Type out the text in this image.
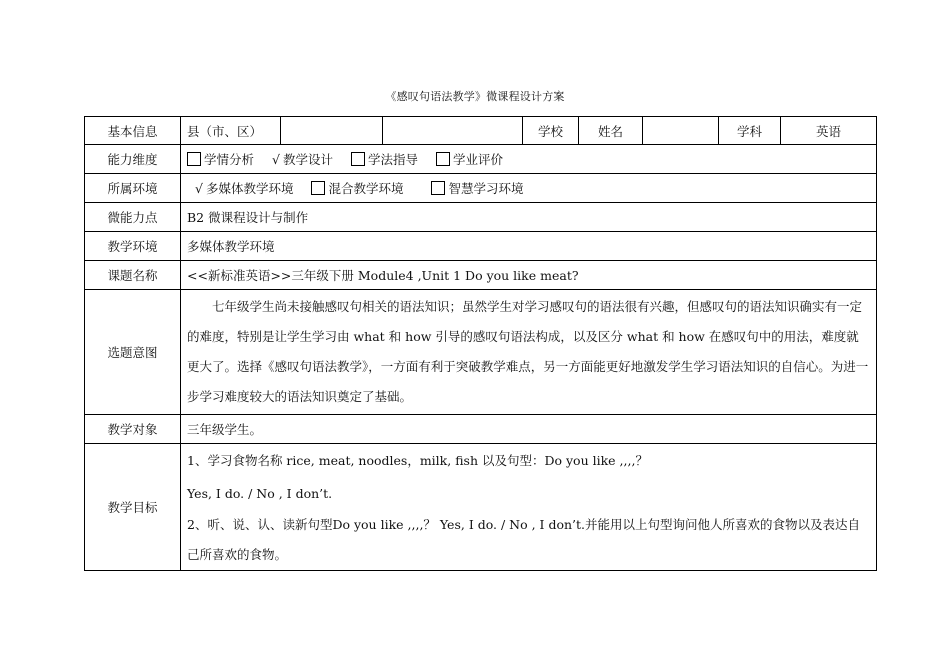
《感叹句语法教学》微课程设计方案
基本信息	县（市、区）			学校	姓名		学科	英语
能力维度	学情分析 √ 教学设计 学法指导 学业评价							
所属环境	√ 多媒体教学环境 混合教学环境 智慧学习环境							
微能力点	B2 微课程设计与制作							
教学环境	多媒体教学环境							
课题名称	<<新标准英语>>三年级下册 Module4 ,Unit 1 Do you like meat?							
选题意图	七年级学生尚未接触感叹句相关的语法知识；虽然学生对学习感叹句的语法很有兴趣，但感叹句的语法知识确实有一定的难度，特别是让学生学习由 what 和 how 引导的感叹句语法构成，以及区分 what 和 how 在感叹句中的用法，难度就更大了。选择《感叹句语法教学》，一方面有利于突破教学难点，另一方面能更好地激发学生学习语法知识的自信心。为进一步学习难度较大的语法知识奠定了基础。							

教学对象	三年级学生。							
教学目标	1、学习食物名称 rice, meat, noodles，milk, fish 以及句型：Do you like ,,,,？
Yes, I do. / No , I don’t.
2、听、说、认、读新句型Do you like ,,,,？ Yes, I do. / No , I don’t.并能用以上句型询问他人所喜欢的食物以及表达自己所喜欢的食物。							
